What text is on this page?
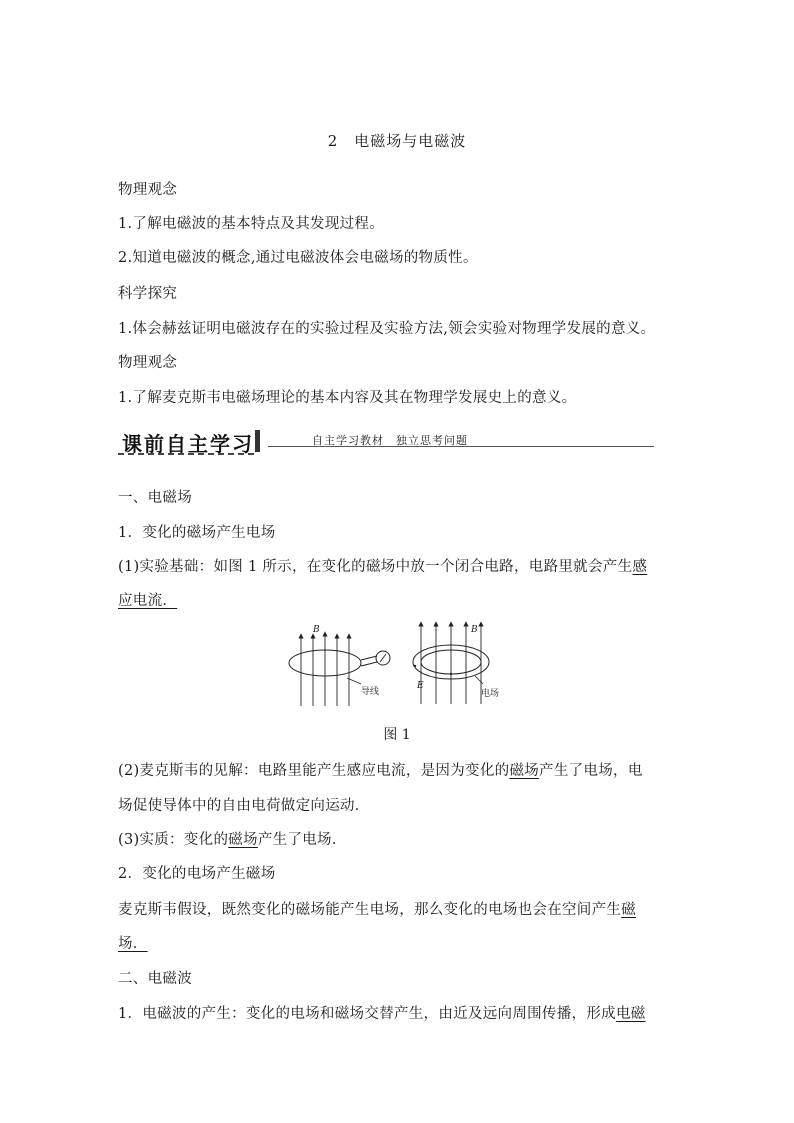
2　电磁场与电磁波
物理观念
1.了解电磁波的基本特点及其发现过程。
2.知道电磁波的概念,通过电磁波体会电磁场的物质性。
科学探究
1.体会赫兹证明电磁波存在的实验过程及实验方法,领会实验对物理学发展的意义。
物理观念
1.了解麦克斯韦电磁场理论的基本内容及其在物理学发展史上的意义。
课前自主学习	自主学习教材　独立思考问题
一、电磁场
1．变化的磁场产生电场
(1)实验基础：如图 1 所示，在变化的磁场中放一个闭合电路，电路里就会产生感
应电流．
B
导线
B
E
电场
图 1
(2)麦克斯韦的见解：电路里能产生感应电流，是因为变化的磁场产生了电场，电
场促使导体中的自由电荷做定向运动．
(3)实质：变化的磁场产生了电场．
2．变化的电场产生磁场
麦克斯韦假设，既然变化的磁场能产生电场，那么变化的电场也会在空间产生磁
场．
二、电磁波
1．电磁波的产生：变化的电场和磁场交替产生，由近及远向周围传播，形成电磁
